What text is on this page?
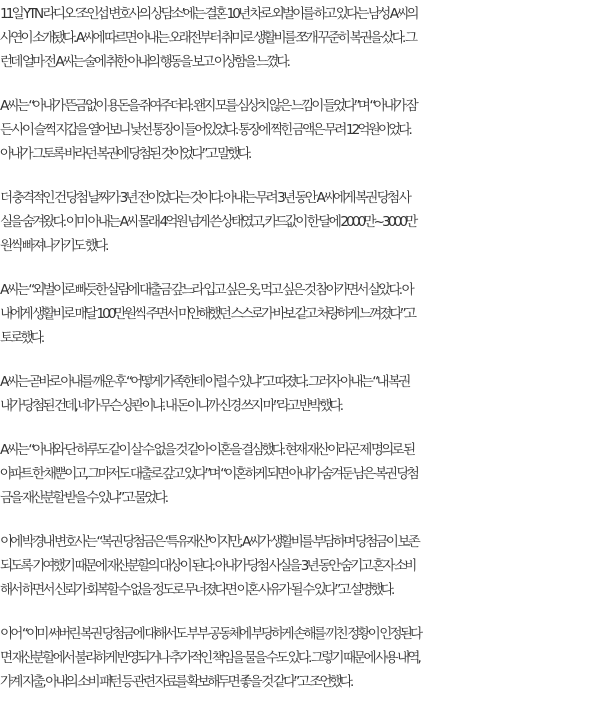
11일 YTN 라디오 ‘조인섭 변호사의 상담소’에는 결혼 10년 차로 외벌이를 하고 있다는 남성 A씨의
사연이 소개됐다. A씨에 따르면 아내는 오래전부터 취미로 생활비를 쪼개 꾸준히 복권을 샀다. 그
런데 얼마 전 A씨는 술에 취한 아내의 행동을 보고 이상함을 느꼈다.
A씨는 “아내가 뜬금없이 용돈을 쥐여주더라. 왠지 모를 심상치 않은 느낌이 들었다”며 “아내가 잠
든 사이 슬쩍 지갑을 열어보니 낯선 통장이 들어있었다. 통장에 찍힌 금액은 무려 12억원이었다.
아내가 그토록 바라던 복권에 당첨된 것이었다”고 말했다.
더 충격적인 건 당첨 날짜가 3년 전이었다는 것이다. 아내는 무려 3년 동안 A씨에게 복권 당첨 사
실을 숨겨왔다. 이미 아내는 A씨 몰래 4억원 넘게 쓴 상태였고, 카드값이 한 달에 2000만~3000만
원씩 빠져나가기도 했다.
A씨는 “외벌이로 빠듯한 살림에 대출금 갚느라 입고 싶은 옷, 먹고 싶은 것 참아가면서 살았다. 아
내에게 생활비로 매달 100만원씩 주면서 미안해했던 스스로가 바보 같고 처량하게 느껴졌다”고
토로했다.
A씨는 곧바로 아내를 깨운 후 “어떻게 가족한테 이럴 수 있냐”고 따졌다. 그러자 아내는 “내 복권
내가 당첨된 건데, 네가 무슨 상관이냐. 내 돈이니까 신경 쓰지 마”라고 반박했다.
A씨는 “아내와 단 하루도 같이 살 수 없을 것 같아 이혼을 결심했다. 현재 재산이라곤 제 명의로 된
아파트 한 채뿐이고, 그마저도 대출로 갚고 있다”며 “이혼하게 되면 아내가 숨겨둔 남은 복권 당첨
금을 재산분할 받을 수 있냐”고 물었다.
이에 박경내 변호사는 “복권 당첨금은 ‘특유재산’이지만, A씨가 생활비를 부담하며 당첨금이 보존
되도록 기여했기 때문에 재산분할의 대상이 된다. 아내가 당첨 사실을 3년 동안 숨기고 혼자 소비
해서 하면서 신뢰가 회복할 수 없을 정도로 무너졌다면 이혼 사유가 될 수 있다”고 설명했다.
이어 “이미 써버린 복권 당첨금에 대해서도 부부 공동체에 부당하게 손해를 끼친 정황이 인정된다
면 재산분할에서 불리하게 반영되거나 추가적인 책임을 물을 수도 있다. 그렇기 때문에 사용 내역,
가계 지출, 아내의 소비 패턴 등 관련 자료를 확보해두면 좋을 것 같다”고 조언했다.
